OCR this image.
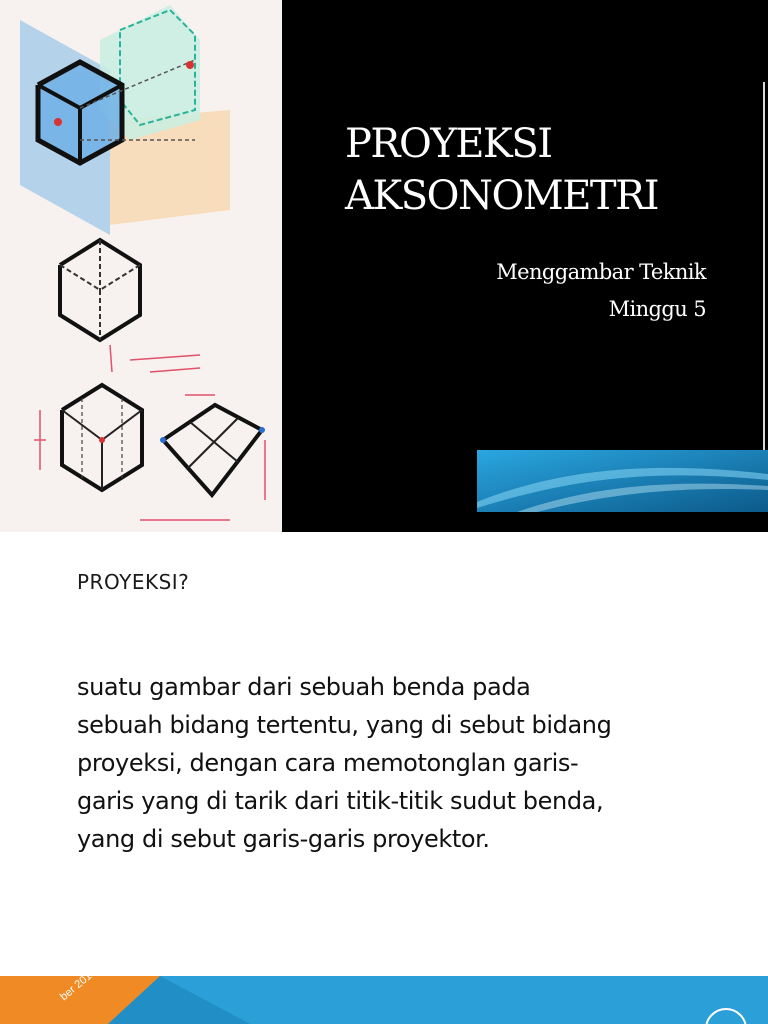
PROYEKSI
AKSONOMETRI
Menggambar Teknik
Minggu 5
PROYEKSI?

suatu gambar dari sebuah benda pada
sebuah bidang tertentu, yang di sebut bidang
proyeksi, dengan cara memotonglan garis-
garis yang di tarik dari titik-titik sudut benda,
yang di sebut garis-garis proyektor.

ber 2018
